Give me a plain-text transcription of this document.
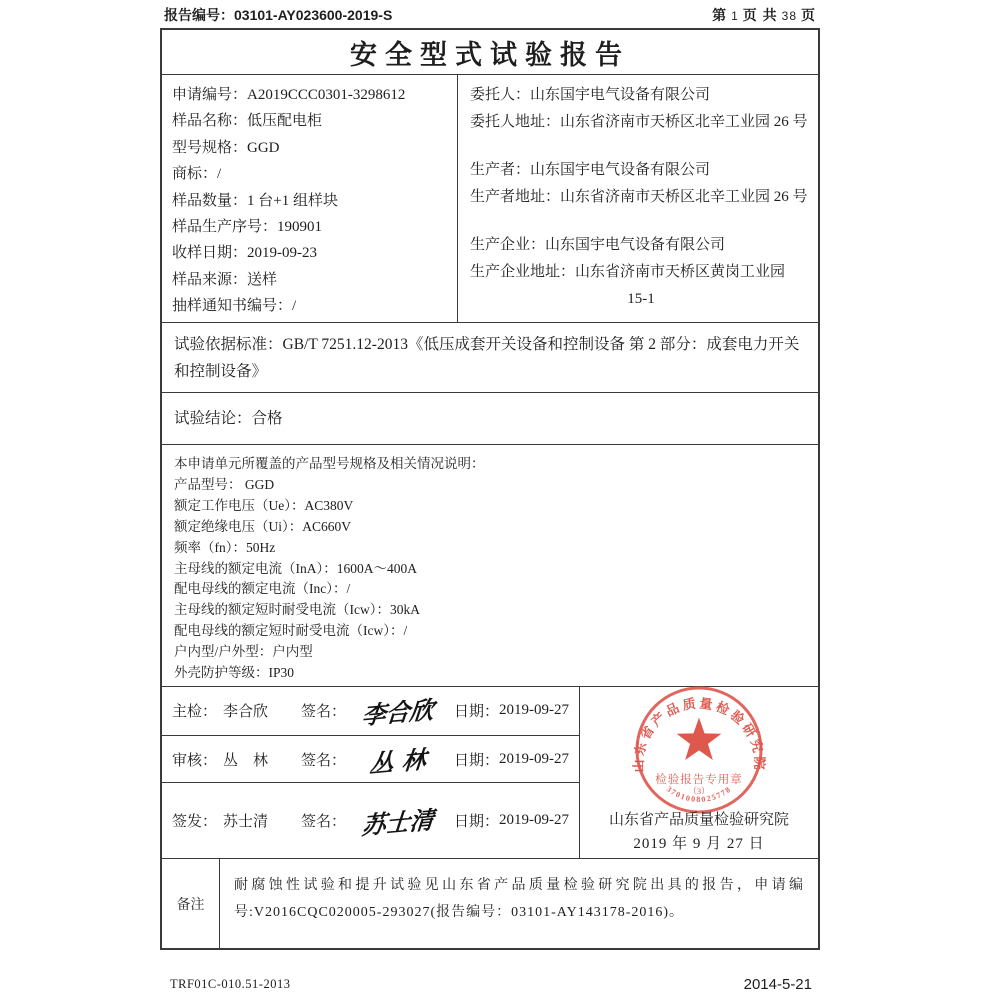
报告编号：03101-AY023600-2019-S	第 1 页 共 38 页
安全型式试验报告
申请编号：A2019CCC0301-3298612
样品名称：低压配电柜
型号规格：GGD
商标：/
样品数量：1 台+1 组样块
样品生产序号：190901
收样日期：2019-09-23
样品来源：送样
抽样通知书编号：/
委托人：山东国宇电气设备有限公司
委托人地址：山东省济南市天桥区北辛工业园 26 号
生产者：山东国宇电气设备有限公司
生产者地址：山东省济南市天桥区北辛工业园 26 号
生产企业：山东国宇电气设备有限公司
生产企业地址：山东省济南市天桥区黄岗工业园
15-1
试验依据标准：GB/T 7251.12-2013《低压成套开关设备和控制设备 第 2 部分：成套电力开关和控制设备》
试验结论：合格
本申请单元所覆盖的产品型号规格及相关情况说明：
产品型号： GGD
额定工作电压（Ue）：AC380V
额定绝缘电压（Ui）：AC660V
频率（fn）：50Hz
主母线的额定电流（InA）：1600A～400A
配电母线的额定电流（Inc）：/
主母线的额定短时耐受电流（Icw）：30kA
配电母线的额定短时耐受电流（Icw）：/
户内型/户外型：户内型
外壳防护等级：IP30
主检： 李合欣	签名： 李合欣	日期： 2019-09-27
审核： 丛　林	签名： 丛 林	日期： 2019-09-27
签发： 苏士清	签名： 苏士清	日期： 2019-09-27
山东省产品质量检验研究院
检验报告专用章
（3）
3701008025778
山东省产品质量检验研究院
2019 年 9 月 27 日
备注
耐腐蚀性试验和提升试验见山东省产品质量检验研究院出具的报告，申请编号:V2016CQC020005-293027(报告编号：03101-AY143178-2016)。
TRF01C-010.51-2013	2014-5-21
